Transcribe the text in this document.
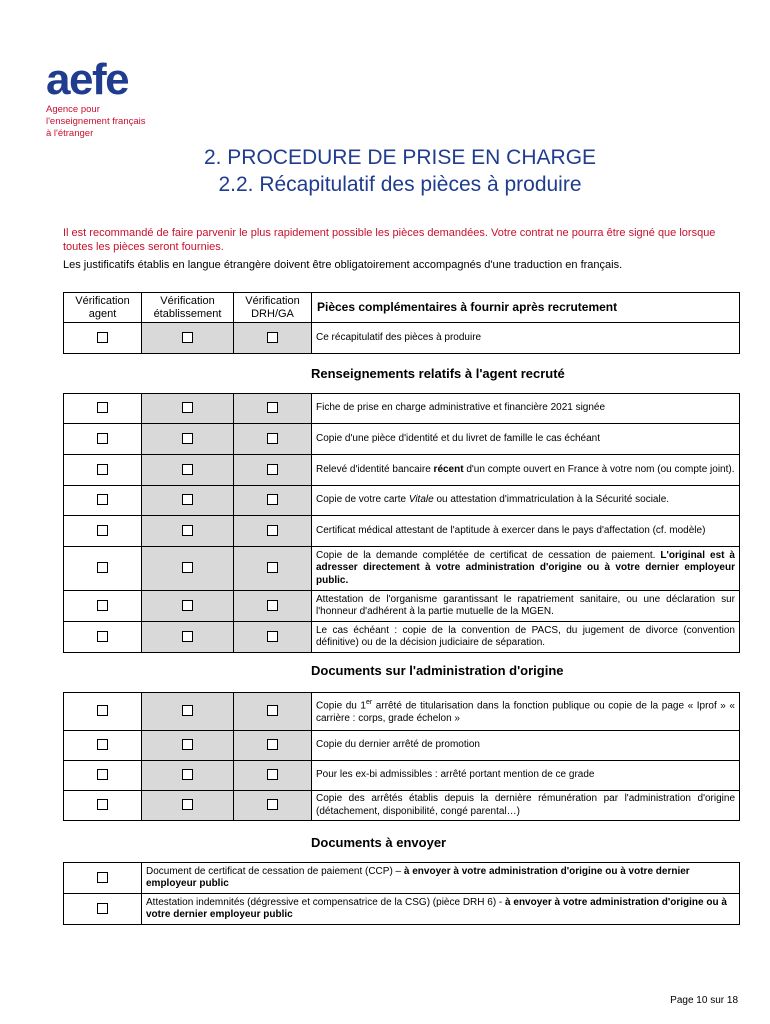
aefe
Agence pour
l'enseignement français
à l'étranger
2. PROCEDURE DE PRISE EN CHARGE
2.2. Récapitulatif des pièces à produire

Il est recommandé de faire parvenir le plus rapidement possible les pièces demandées. Votre contrat ne pourra être signé que lorsque toutes les pièces seront fournies.

Les justificatifs établis en langue étrangère doivent être obligatoirement accompagnés d'une traduction en français.

Vérification agent	Vérification établissement	Vérification DRH/GA	Pièces complémentaires à fournir après recrutement
			Ce récapitulatif des pièces à produire
Renseignements relatifs à l'agent recruté
			Fiche de prise en charge administrative et financière 2021 signée
			Copie d'une pièce d'identité et du livret de famille le cas échéant
			Relevé d'identité bancaire récent d'un compte ouvert en France à votre nom (ou compte joint).
			Copie de votre carte Vitale ou attestation d'immatriculation à la Sécurité sociale.
			Certificat médical attestant de l'aptitude à exercer dans le pays d'affectation (cf. modèle)
			Copie de la demande complétée de certificat de cessation de paiement. L'original est à adresser directement à votre administration d'origine ou à votre dernier employeur public.
			Attestation de l'organisme garantissant le rapatriement sanitaire, ou une déclaration sur l'honneur d'adhérent à la partie mutuelle de la MGEN.
			Le cas échéant : copie de la convention de PACS, du jugement de divorce (convention définitive) ou de la décision judiciaire de séparation.
Documents sur l'administration d'origine
			Copie du 1er arrêté de titularisation dans la fonction publique ou copie de la page « Iprof » « carrière : corps, grade échelon »
			Copie du dernier arrêté de promotion
			Pour les ex-bi admissibles : arrêté portant mention de ce grade
			Copie des arrêtés établis depuis la dernière rémunération par l'administration d'origine (détachement, disponibilité, congé parental…)
Documents à envoyer
	Document de certificat de cessation de paiement (CCP) – à envoyer à votre administration d'origine ou à votre dernier employeur public
	Attestation indemnités (dégressive et compensatrice de la CSG) (pièce DRH 6) - à envoyer à votre administration d'origine ou à votre dernier employeur public
Page 10 sur 18
